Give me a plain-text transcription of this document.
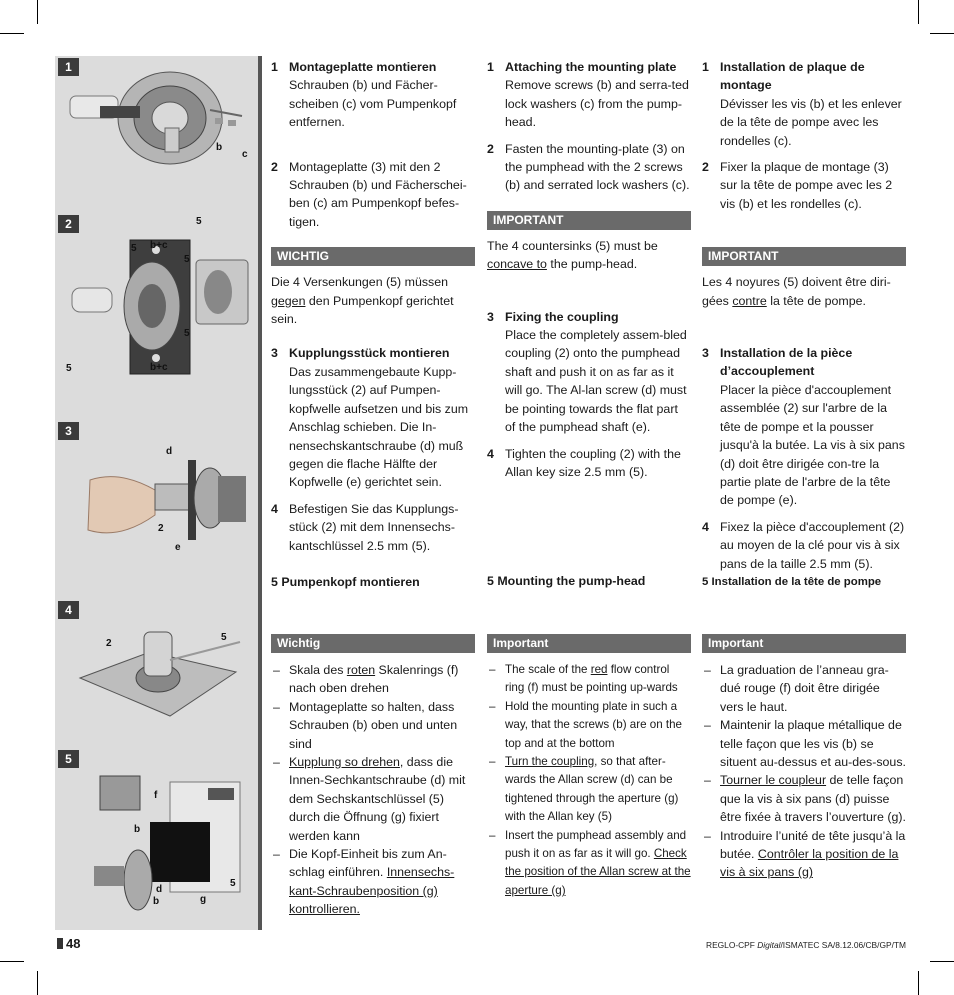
1
b
c
2	5
5 b+c
5
5
5	b+c
3
d
2
e
4
2
5
5
f
b
d
b	g
5
1 Montageplatte montieren
Schrauben (b) und Fächer-scheiben (c) vom Pumpenkopf entfernen.
2 Montageplatte (3) mit den 2 Schrauben (b) und Fächerschei-ben (c) am Pumpenkopf befes-tigen.
WICHTIG
Die 4 Versenkungen (5) müssen gegen den Pumpenkopf gerichtet sein.
3 Kupplungsstück montieren
Das zusammengebaute Kupp-lungsstück (2) auf Pumpen-kopfwelle aufsetzen und bis zum Anschlag schieben. Die In-nensechskantschraube (d) muß gegen die flache Hälfte der Kopfwelle (e) gerichtet sein.
4 Befestigen Sie das Kupplungs-stück (2) mit dem Innensechs-kantschlüssel 2.5 mm (5).
5 Pumpenkopf montieren
Wichtig
– Skala des roten Skalenrings (f) nach oben drehen
– Montageplatte so halten, dass Schrauben (b) oben und unten sind
– Kupplung so drehen, dass die Innen-Sechkantschraube (d) mit dem Sechskantschlüssel (5) durch die Öffnung (g) fixiert werden kann
– Die Kopf-Einheit bis zum An-schlag einführen. Innensechs-kant-Schraubenposition (g) kontrollieren.
1 Attaching the mounting plate
Remove screws (b) and serra-ted lock washers (c) from the pump-head.
2 Fasten the mounting-plate (3) on the pumphead with the 2 screws (b) and serrated lock washers (c).
IMPORTANT
The 4 countersinks (5) must be concave to the pump-head.
3 Fixing the coupling
Place the completely assem-bled coupling (2) onto the pumphead shaft and push it on as far as it will go. The Al-lan screw (d) must be pointing towards the flat part of the pumphead shaft (e).
4 Tighten the coupling (2) with the Allan key size 2.5 mm (5).
5 Mounting the pump-head
Important
– The scale of the red flow control ring (f) must be pointing up-wards
– Hold the mounting plate in such a way, that the screws (b) are on the top and at the bottom
– Turn the coupling, so that after-wards the Allan screw (d) can be tightened through the aperture (g) with the Allan key (5)
– Insert the pumphead assembly and push it on as far as it will go. Check the position of the Allan screw at the aperture (g)
1 Installation de plaque de montage
Dévisser les vis (b) et les enlever de la tête de pompe avec les rondelles (c).
2 Fixer la plaque de montage (3) sur la tête de pompe avec les 2 vis (b) et les rondelles (c).
IMPORTANT
Les 4 noyures (5) doivent être diri-gées contre la tête de pompe.
3 Installation de la pièce d’accouplement
Placer la pièce d'accouplement assemblée (2) sur l'arbre de la tête de pompe et la pousser jusqu'à la butée. La vis à six pans (d) doit être dirigée con-tre la partie plate de l'arbre de la tête de pompe (e).
4 Fixez la pièce d'accouplement (2) au moyen de la clé pour vis à six pans de la taille 2.5 mm (5).
5 Installation de la tête de pompe
Important
– La graduation de l’anneau gra-dué rouge (f) doit être dirigée vers le haut.
– Maintenir la plaque métallique de telle façon que les vis (b) se situent au-dessus et au-des-sous.
– Tourner le coupleur de telle façon que la vis à six pans (d) puisse être fixée à travers l’ouverture (g).
– Introduire l’unité de tête jusqu’à la butée. Contrôler la position de la vis à six pans (g)
48	REGLO-CPF Digital/ISMATEC SA/8.12.06/CB/GP/TM
